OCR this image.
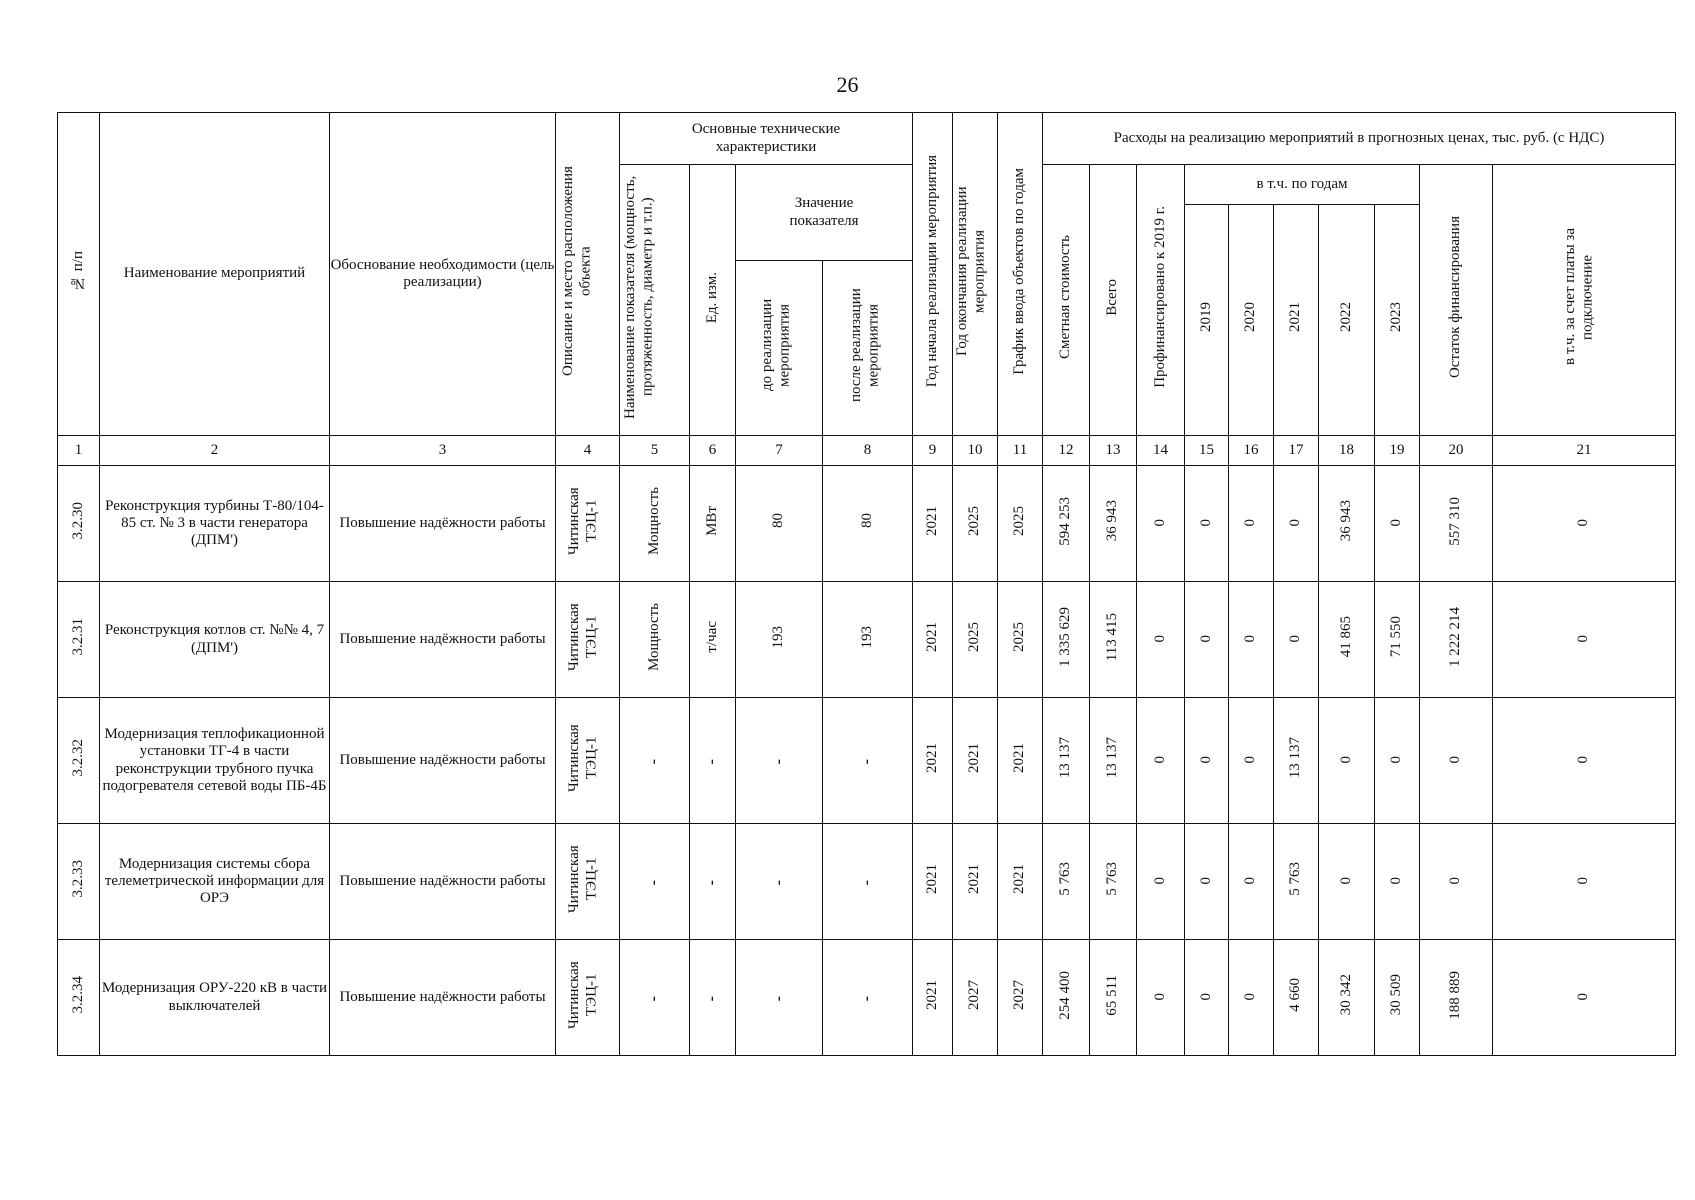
26
№ п/п	Наименование мероприятий	Обоснование необходимости (цель реализации)	Описание и место расположения объекта	Основные технические характеристики				Год начала реализации мероприятия	Год окончания реализации мероприятия	График ввода объектов по годам	Расходы на реализацию мероприятий в прогнозных ценах, тыс. руб. (с НДС)									
				Наименование показателя (мощность, протяженность, диаметр и т.п.)	Ед. изм.	Значение показателя					Сметная стоимость	Всего	Профинансировано к 2019 г.	в т.ч. по годам					Остаток финансирования	в т.ч. за счет платы за подключение
														2019	2020	2021	2022	2023		
						до реализации мероприятия	после реализации мероприятия													
1	2	3	4	5	6	7	8	9	10	11	12	13	14	15	16	17	18	19	20	21
3.2.30	Реконструкция турбины Т-80/104-85 ст. № 3 в части генератора (ДПМ')	Повышение надёжности работы	Читинская ТЭЦ-1	Мощность	МВт	80	80	2021	2025	2025	594 253	36 943	0	0	0	0	36 943	0	557 310	0
3.2.31	Реконструкция котлов ст. №№ 4, 7 (ДПМ')	Повышение надёжности работы	Читинская ТЭЦ-1	Мощность	т/час	193	193	2021	2025	2025	1 335 629	113 415	0	0	0	0	41 865	71 550	1 222 214	0
3.2.32	Модернизация теплофикационной установки ТГ-4 в части реконструкции трубного пучка подогревателя сетевой воды ПБ-4Б	Повышение надёжности работы	Читинская ТЭЦ-1	-	-	-	-	2021	2021	2021	13 137	13 137	0	0	0	13 137	0	0	0	0
3.2.33	Модернизация системы сбора телеметрической информации для ОРЭ	Повышение надёжности работы	Читинская ТЭЦ-1	-	-	-	-	2021	2021	2021	5 763	5 763	0	0	0	5 763	0	0	0	0
3.2.34	Модернизация ОРУ-220 кВ в части выключателей	Повышение надёжности работы	Читинская ТЭЦ-1	-	-	-	-	2021	2027	2027	254 400	65 511	0	0	0	4 660	30 342	30 509	188 889	0
